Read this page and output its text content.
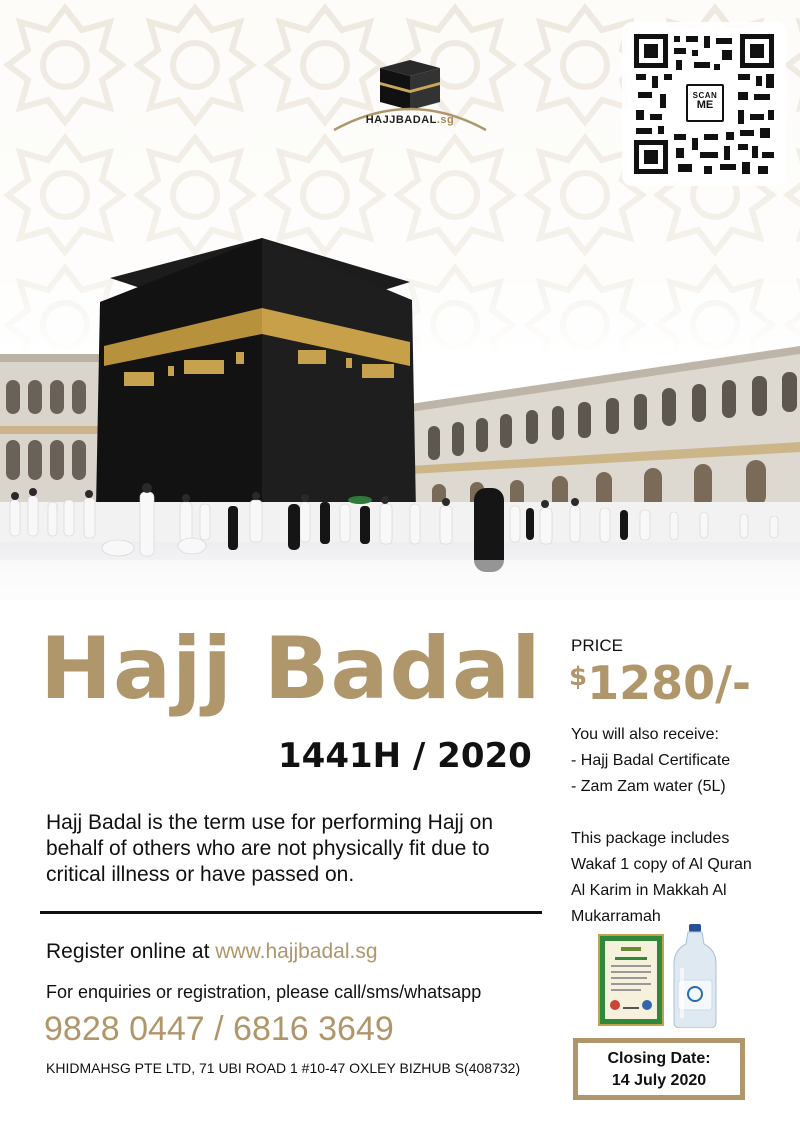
HAJJBADAL.sg
SCAN
ME
Hajj Badal
1441H / 2020
Hajj Badal is the term use for performing Hajj on behalf of others who are not physically fit due to critical illness or have passed on.
Register online at www.hajjbadal.sg
For enquiries or registration, please call/sms/whatsapp
9828 0447 / 6816 3649
KHIDMAHSG PTE LTD, 71 UBI ROAD 1 #10-47 OXLEY BIZHUB S(408732)
PRICE
$1280/-
You will also receive:
- Hajj Badal Certificate
- Zam Zam water (5L)
This package includes
Wakaf 1 copy of Al Quran
Al Karim in Makkah Al
Mukarramah
Closing Date:
14 July 2020
